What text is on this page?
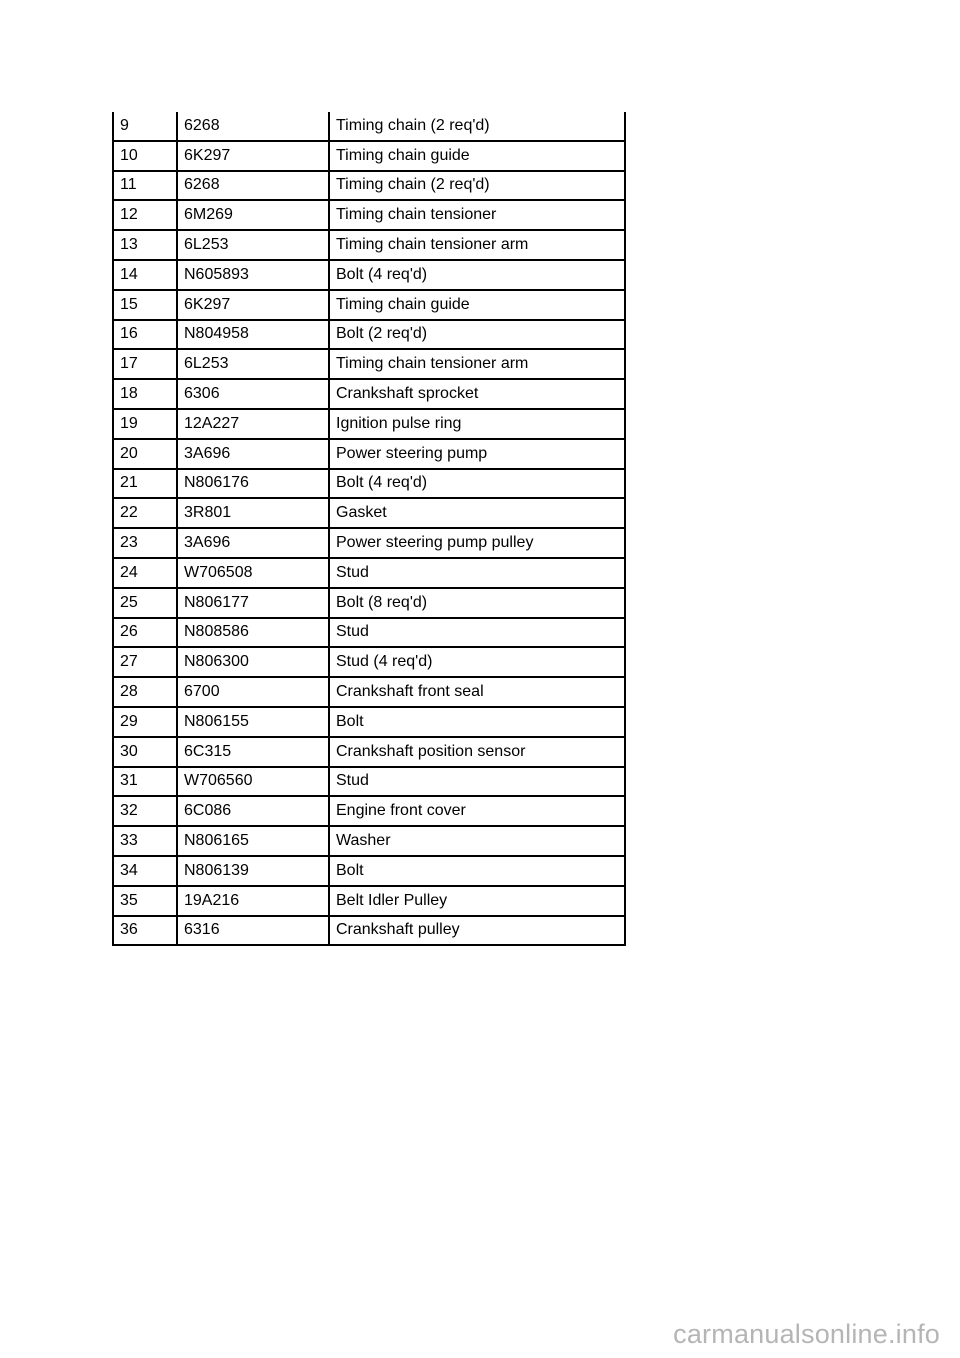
9	6268	Timing chain (2 req'd)
10	6K297	Timing chain guide
11	6268	Timing chain (2 req'd)
12	6M269	Timing chain tensioner
13	6L253	Timing chain tensioner arm
14	N605893	Bolt (4 req'd)
15	6K297	Timing chain guide
16	N804958	Bolt (2 req'd)
17	6L253	Timing chain tensioner arm
18	6306	Crankshaft sprocket
19	12A227	Ignition pulse ring
20	3A696	Power steering pump
21	N806176	Bolt (4 req'd)
22	3R801	Gasket
23	3A696	Power steering pump pulley
24	W706508	Stud
25	N806177	Bolt (8 req'd)
26	N808586	Stud
27	N806300	Stud (4 req'd)
28	6700	Crankshaft front seal
29	N806155	Bolt
30	6C315	Crankshaft position sensor
31	W706560	Stud
32	6C086	Engine front cover
33	N806165	Washer
34	N806139	Bolt
35	19A216	Belt Idler Pulley
36	6316	Crankshaft pulley
carmanualsonline.info
